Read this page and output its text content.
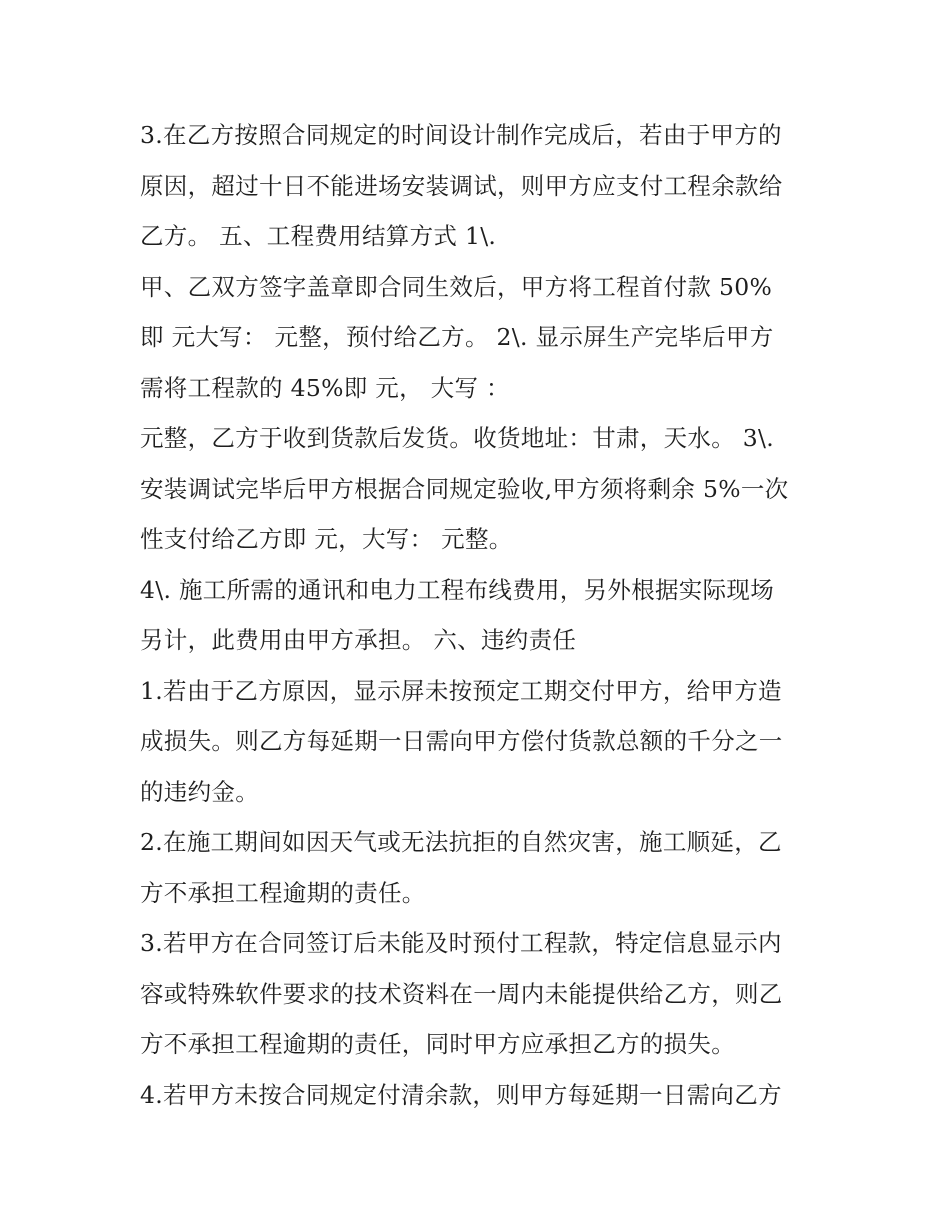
3.在乙方按照合同规定的时间设计制作完成后，若由于甲方的
原因，超过十日不能进场安装调试，则甲方应支付工程余款给
乙方。 五、工程费用结算方式 1\.
甲、乙双方签字盖章即合同生效后，甲方将工程首付款 50%
即 元大写： 元整，预付给乙方。 2\. 显示屏生产完毕后甲方
需将工程款的 45%即 元， 大写 ：
元整，乙方于收到货款后发货。收货地址：甘肃，天水。 3\.
安装调试完毕后甲方根据合同规定验收,甲方须将剩余 5%一次
性支付给乙方即 元，大写： 元整。
4\. 施工所需的通讯和电力工程布线费用，另外根据实际现场
另计，此费用由甲方承担。 六、违约责任
1.若由于乙方原因，显示屏未按预定工期交付甲方，给甲方造
成损失。则乙方每延期一日需向甲方偿付货款总额的千分之一
的违约金。
2.在施工期间如因天气或无法抗拒的自然灾害，施工顺延，乙
方不承担工程逾期的责任。
3.若甲方在合同签订后未能及时预付工程款，特定信息显示内
容或特殊软件要求的技术资料在一周内未能提供给乙方，则乙
方不承担工程逾期的责任，同时甲方应承担乙方的损失。
4.若甲方未按合同规定付清余款，则甲方每延期一日需向乙方
